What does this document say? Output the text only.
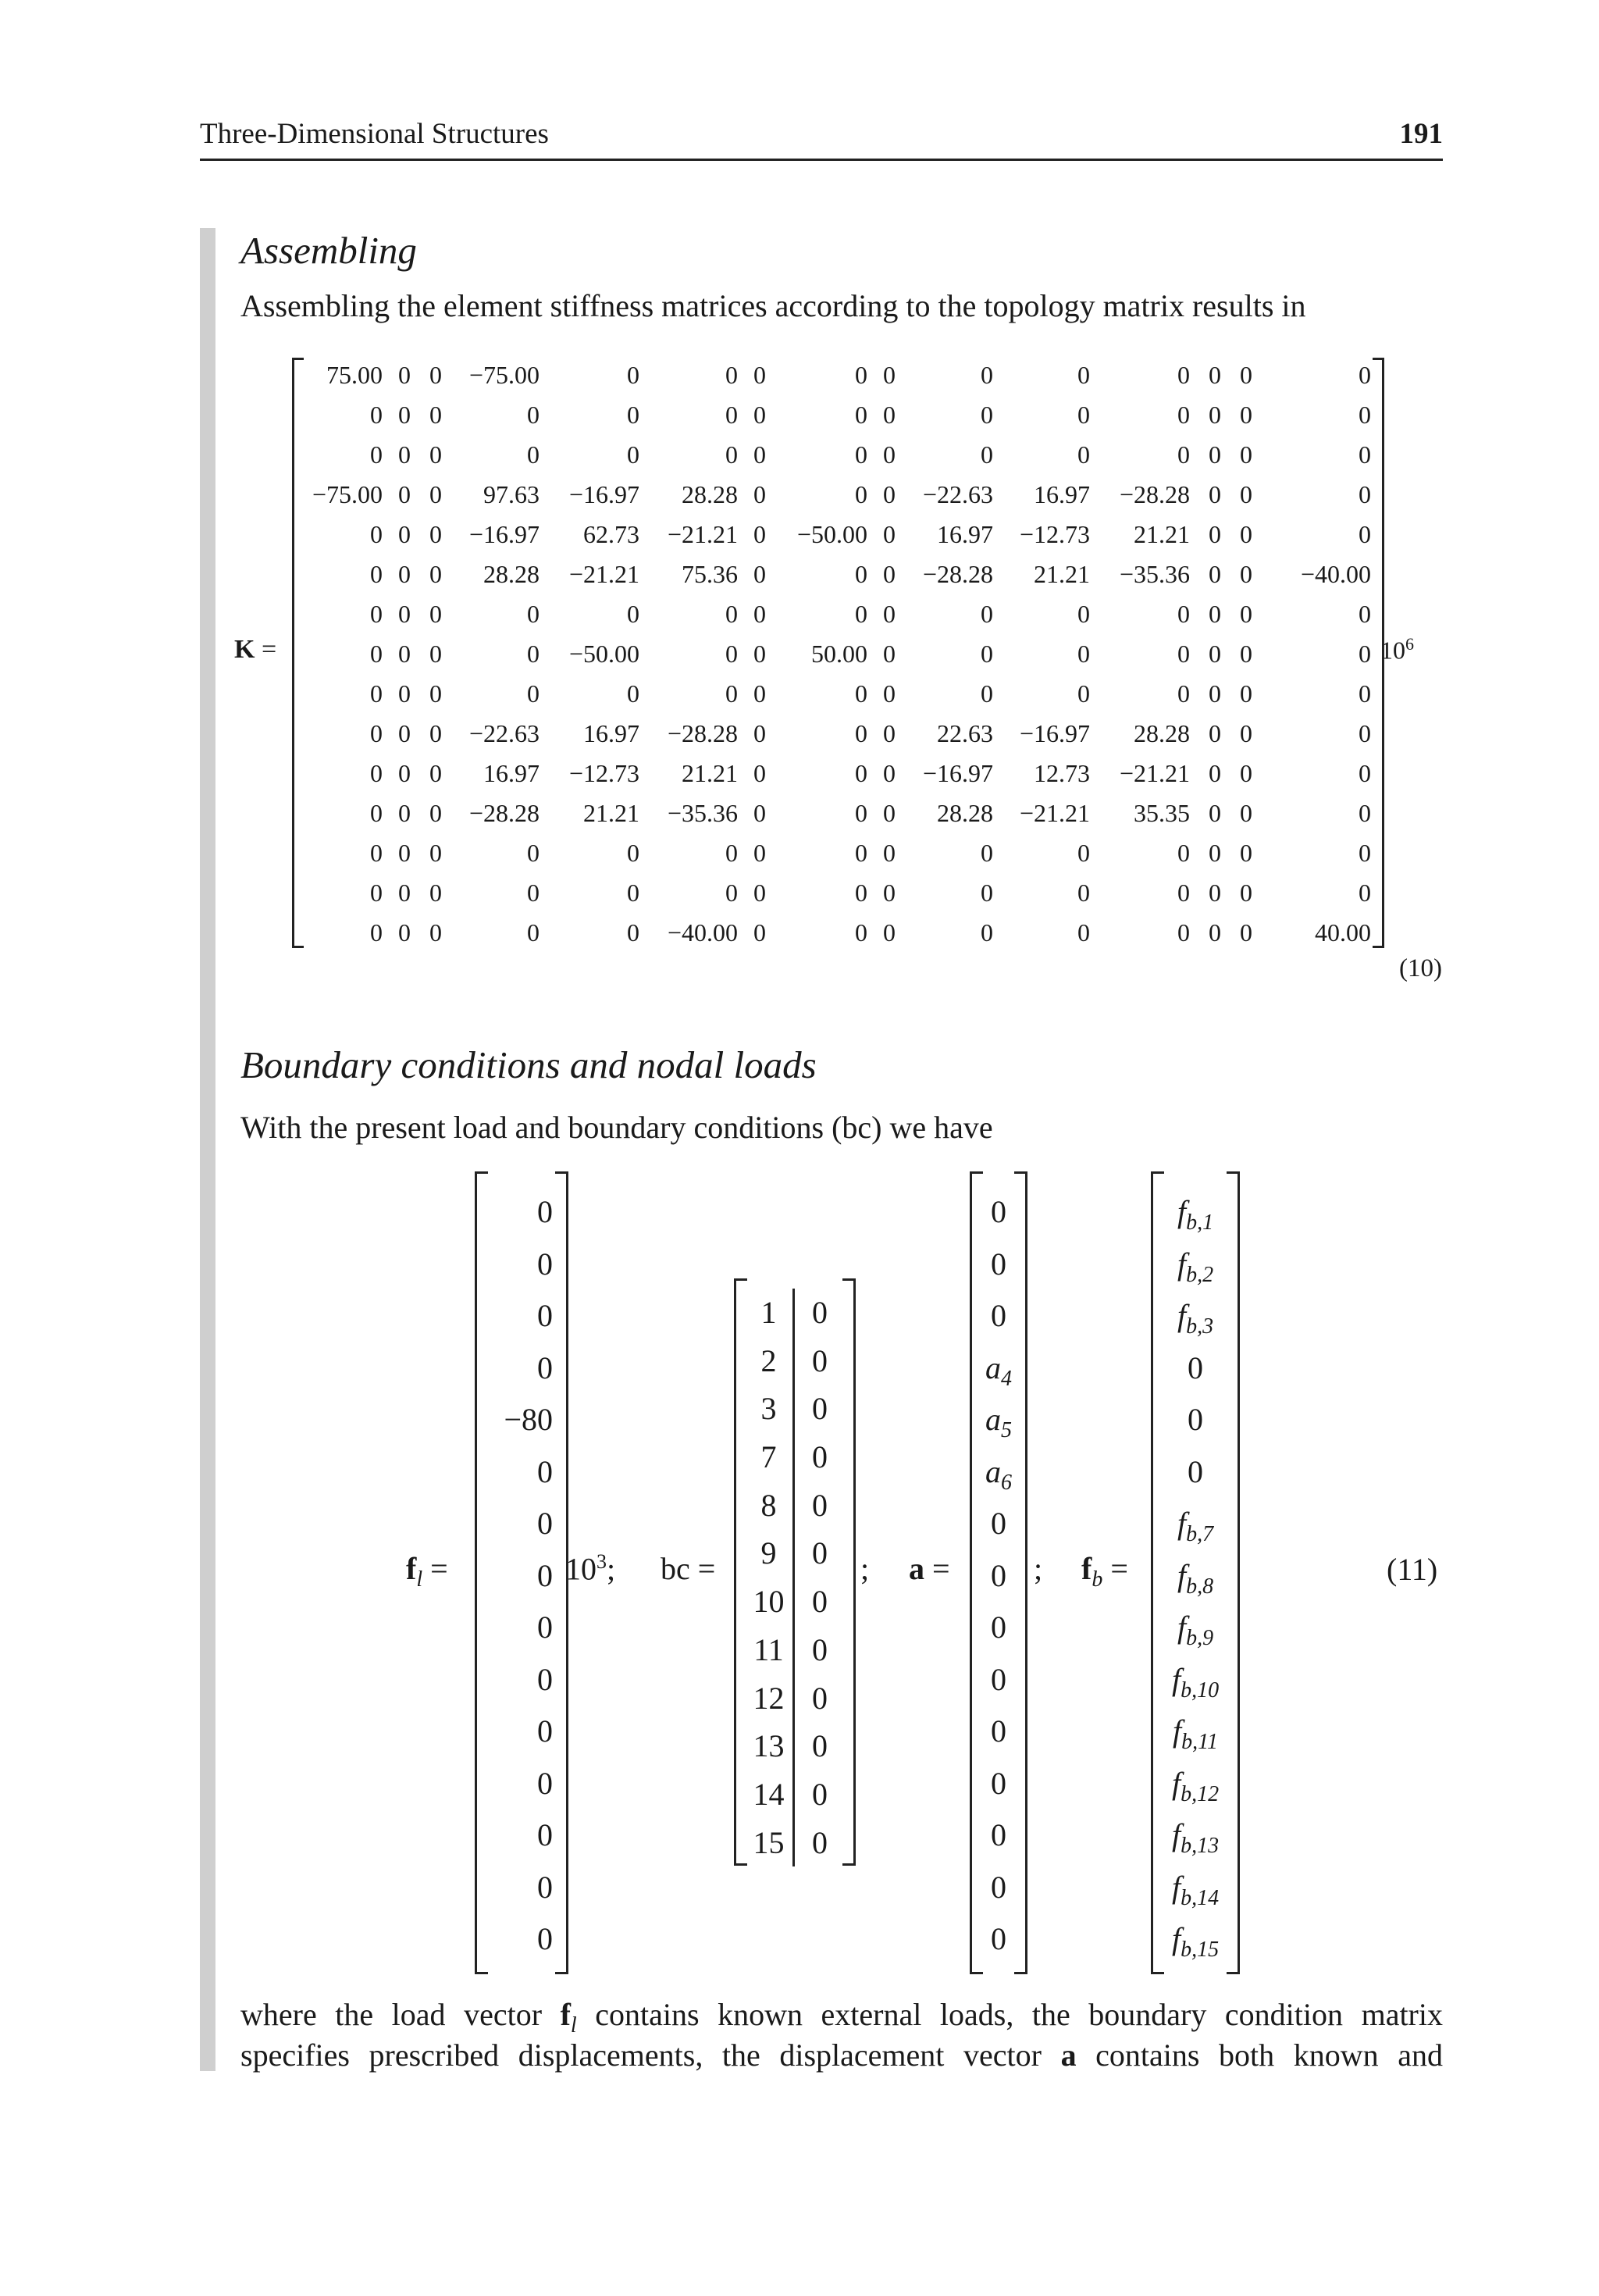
Three-Dimensional Structures	191
Assembling
Assembling the element stiffness matrices according to the topology matrix results in
K =
75.00	0	0	−75.00	0	0	0	0	0	0	0	0	0	0	0
0	0	0	0	0	0	0	0	0	0	0	0	0	0	0
0	0	0	0	0	0	0	0	0	0	0	0	0	0	0
−75.00	0	0	97.63	−16.97	28.28	0	0	0	−22.63	16.97	−28.28	0	0	0
0	0	0	−16.97	62.73	−21.21	0	−50.00	0	16.97	−12.73	21.21	0	0	0
0	0	0	28.28	−21.21	75.36	0	0	0	−28.28	21.21	−35.36	0	0	−40.00
0	0	0	0	0	0	0	0	0	0	0	0	0	0	0
0	0	0	0	−50.00	0	0	50.00	0	0	0	0	0	0	0
0	0	0	0	0	0	0	0	0	0	0	0	0	0	0
0	0	0	−22.63	16.97	−28.28	0	0	0	22.63	−16.97	28.28	0	0	0
0	0	0	16.97	−12.73	21.21	0	0	0	−16.97	12.73	−21.21	0	0	0
0	0	0	−28.28	21.21	−35.36	0	0	0	28.28	−21.21	35.35	0	0	0
0	0	0	0	0	0	0	0	0	0	0	0	0	0	0
0	0	0	0	0	0	0	0	0	0	0	0	0	0	0
0	0	0	0	0	−40.00	0	0	0	0	0	0	0	0	40.00
$10^6$
(10)
Boundary conditions and nodal loads
With the present load and boundary conditions (bc) we have
$f_l$ =
0
0
0
0
−80
0
0
0
0
0
0
0
0
0
0
$10^3$; bc =
1	0
2	0
3	0
7	0
8	0
9	0
10 0
11 0
12 0
13 0
14 0
15 0
; a =
0
0
0
$a_4$
$a_5$
$a_6$
0
0
0
0
0
0
0
0
0
; $f_b$ =
$f_{b,1}$
$f_{b,2}$
$f_{b,3}$
0
0
0
$f_{b,7}$
$f_{b,8}$
$f_{b,9}$
$f_{b,10}$
$f_{b,11}$
$f_{b,12}$
$f_{b,13}$
$f_{b,14}$
$f_{b,15}$
(11)
where the load vector $f_l$ contains known external loads, the boundary condition matrix
specifies prescribed displacements, the displacement vector a contains both known and
